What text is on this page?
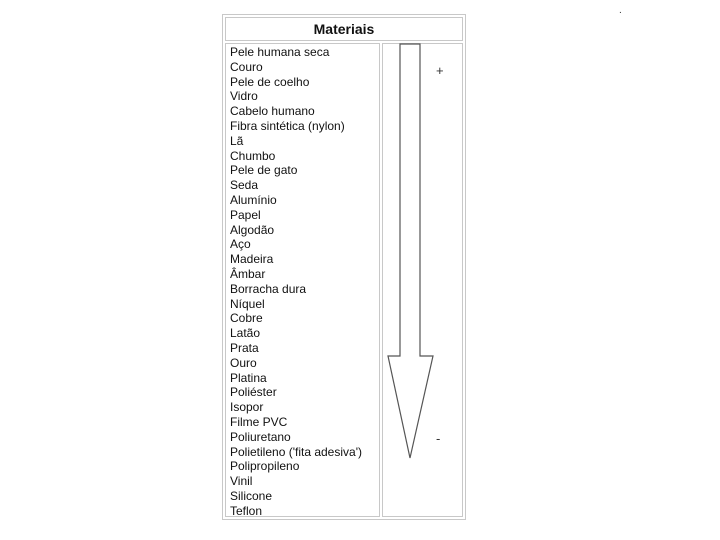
.
Materiais
Pele humana seca
Couro
Pele de coelho
Vidro
Cabelo humano
Fibra sintética (nylon)
Lã
Chumbo
Pele de gato
Seda
Alumínio
Papel
Algodão
Aço
Madeira
Âmbar
Borracha dura
Níquel
Cobre
Latão
Prata
Ouro
Platina
Poliéster
Isopor
Filme PVC
Poliuretano
Polietileno ('fita adesiva')
Polipropileno
Vinil
Silicone
Teflon
+
-
